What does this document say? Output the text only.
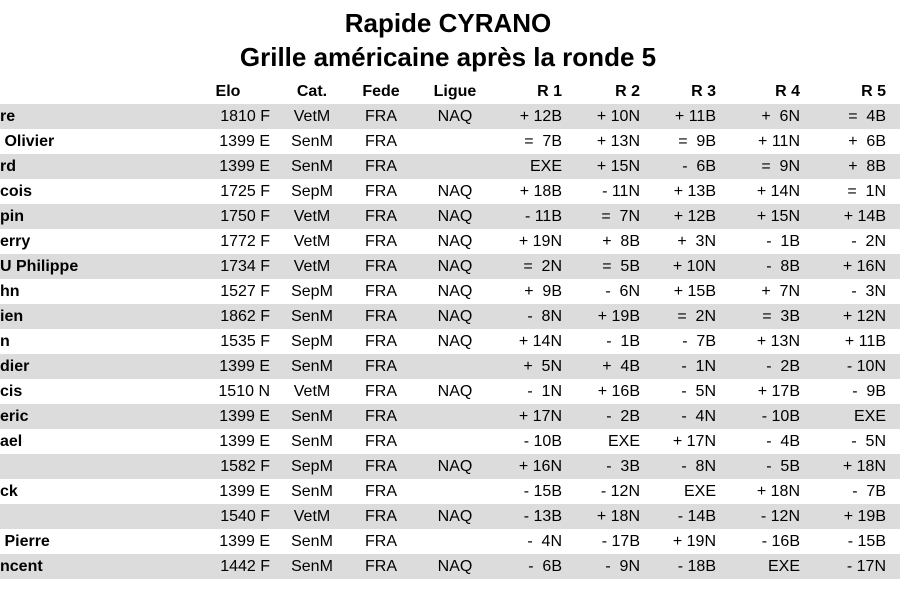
Rapide CYRANO
Grille américaine après la ronde 5
	Elo	Cat.	Fede	Ligue	R 1	R 2	R 3	R 4	R 5
re	1810 F	VetM	FRA	NAQ	+ 12B	+ 10N	+ 11B	+  6N	=  4B
Olivier	1399 E	SenM	FRA		=  7B	+ 13N	=  9B	+ 11N	+  6B
rd	1399 E	SenM	FRA		EXE	+ 15N	-  6B	=  9N	+  8B
cois	1725 F	SepM	FRA	NAQ	+ 18B	- 11N	+ 13B	+ 14N	=  1N
pin	1750 F	VetM	FRA	NAQ	- 11B	=  7N	+ 12B	+ 15N	+ 14B
erry	1772 F	VetM	FRA	NAQ	+ 19N	+  8B	+  3N	-  1B	-  2N
U Philippe	1734 F	VetM	FRA	NAQ	=  2N	=  5B	+ 10N	-  8B	+ 16N
hn	1527 F	SepM	FRA	NAQ	+  9B	-  6N	+ 15B	+  7N	-  3N
ien	1862 F	SenM	FRA	NAQ	-  8N	+ 19B	=  2N	=  3B	+ 12N
n	1535 F	SepM	FRA	NAQ	+ 14N	-  1B	-  7B	+ 13N	+ 11B
dier	1399 E	SenM	FRA		+  5N	+  4B	-  1N	-  2B	- 10N
cis	1510 N	VetM	FRA	NAQ	-  1N	+ 16B	-  5N	+ 17B	-  9B
eric	1399 E	SenM	FRA		+ 17N	-  2B	-  4N	- 10B	EXE
ael	1399 E	SenM	FRA		- 10B	EXE	+ 17N	-  4B	-  5N
	1582 F	SepM	FRA	NAQ	+ 16N	-  3B	-  8N	-  5B	+ 18N
ck	1399 E	SenM	FRA		- 15B	- 12N	EXE	+ 18N	-  7B
	1540 F	VetM	FRA	NAQ	- 13B	+ 18N	- 14B	- 12N	+ 19B
Pierre	1399 E	SenM	FRA		-  4N	- 17B	+ 19N	- 16B	- 15B
ncent	1442 F	SenM	FRA	NAQ	-  6B	-  9N	- 18B	EXE	- 17N
